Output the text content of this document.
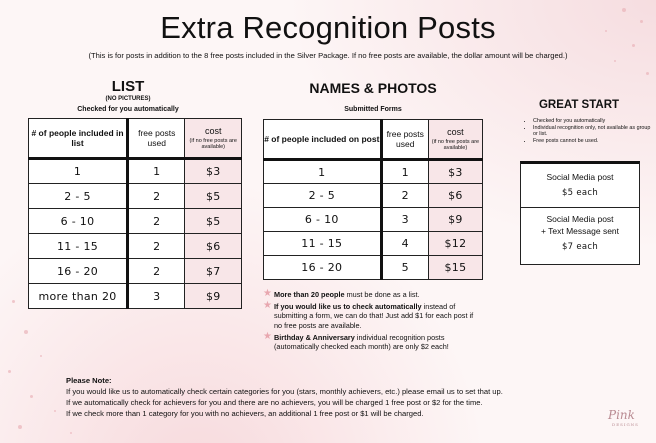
Extra Recognition Posts
(This is for posts in addition to the 8 free posts included in the Silver Package. If no free posts are available, the dollar amount will be charged.)
LIST
(NO PICTURES)
Checked for you automatically
# of people included in list	free posts used	cost
(if no free posts are available)

1	1	$3
2 - 5	2	$5
6 - 10	2	$5
11 - 15	2	$6
16 - 20	2	$7
more than 20	3	$9
NAMES & PHOTOS
Submitted Forms
# of people included on post	free posts used	cost
(if no free posts are available)

1	1	$3
2 - 5	2	$6
6 - 10	3	$9
11 - 15	4	$12
16 - 20	5	$15
★ More than 20 people must be done as a list.
★ If you would like us to check automatically instead of submitting a form, we can do that! Just add $1 for each post if no free posts are available.
★ Birthday & Anniversary individual recognition posts (automatically checked each month) are only $2 each!
GREAT START
• Checked for you automatically
• Individual recognition only, not available as group or list.
• Free posts cannot be used.
Social Media post
$5 each
Social Media post
+ Text Message sent
$7 each
Please Note:
If you would like us to automatically check certain categories for you (stars, monthly achievers, etc.) please email us to set that up.
If we automatically check for achievers for you and there are no achievers, you will be charged 1 free post or $2 for the time.
If we check more than 1 category for you with no achievers, an additional 1 free post or $1 will be charged.	Pink
DESIGNS
